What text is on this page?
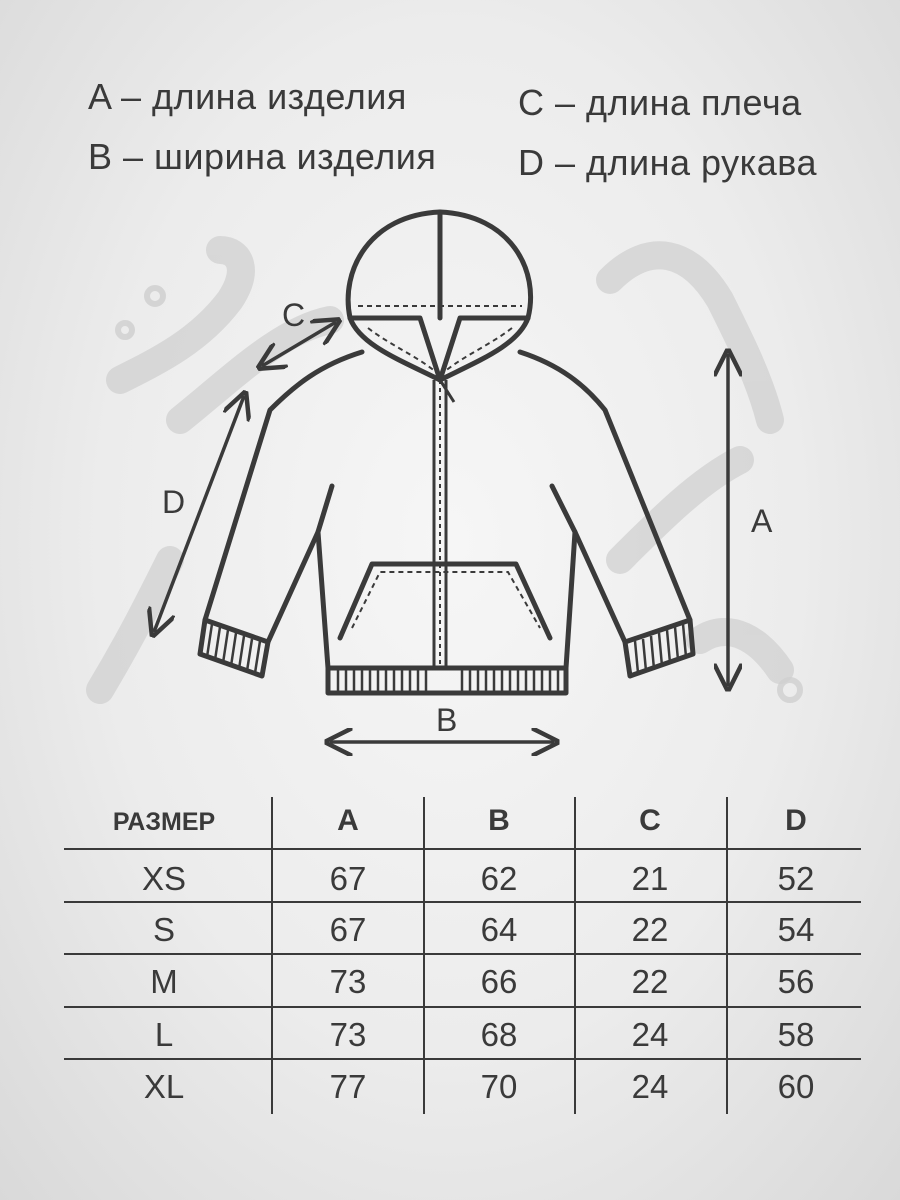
A – длина изделия
B – ширина изделия
C – длина плеча
D – длина рукава
A
B
C
D
РАЗМЕР	A	B	C	D
XS	67	62	21	52
S	67	64	22	54
M	73	66	22	56
L	73	68	24	58
XL	77	70	24	60
